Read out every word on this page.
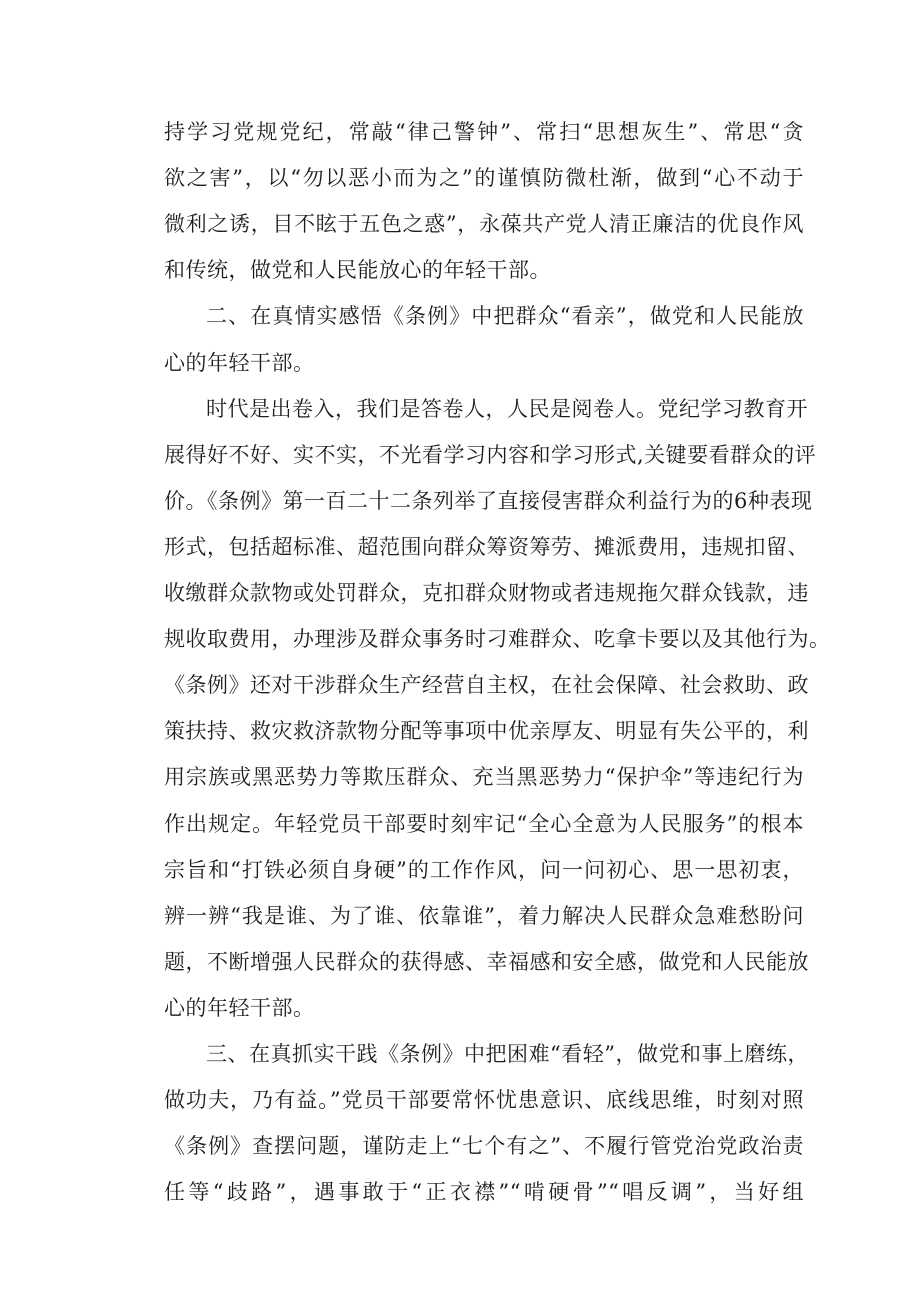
持学习党规党纪，常敲“律己警钟”、常扫“思想灰生”、常思“贪
欲之害”，以“勿以恶小而为之”的谨慎防微杜渐，做到“心不动于
微利之诱，目不眩于五色之惑”，永葆共产党人清正廉洁的优良作风
和传统，做党和人民能放心的年轻干部。
二、在真情实感悟《条例》中把群众“看亲”，做党和人民能放
心的年轻干部。
时代是出卷入，我们是答卷人，人民是阅卷人。党纪学习教育开
展得好不好、实不实，不光看学习内容和学习形式,关键要看群众的评
价。《条例》第一百二十二条列举了直接侵害群众利益行为的6种表现
形式，包括超标准、超范围向群众筹资筹劳、摊派费用，违规扣留、
收缴群众款物或处罚群众，克扣群众财物或者违规拖欠群众钱款，违
规收取费用，办理涉及群众事务时刁难群众、吃拿卡要以及其他行为。
《条例》还对干涉群众生产经营自主权，在社会保障、社会救助、政
策扶持、救灾救济款物分配等事项中优亲厚友、明显有失公平的，利
用宗族或黑恶势力等欺压群众、充当黑恶势力“保护伞”等违纪行为
作出规定。年轻党员干部要时刻牢记“全心全意为人民服务”的根本
宗旨和“打铁必须自身硬”的工作作风，问一问初心、思一思初衷，
辨一辨“我是谁、为了谁、依靠谁”，着力解决人民群众急难愁盼问
题，不断增强人民群众的获得感、幸福感和安全感，做党和人民能放
心的年轻干部。
三、在真抓实干践《条例》中把困难“看轻”，做党和事上磨练，
做功夫，乃有益。”党员干部要常怀忧患意识、底线思维，时刻对照
《条例》查摆问题，谨防走上“七个有之”、不履行管党治党政治责
任等“歧路”，遇事敢于“正衣襟”“啃硬骨”“唱反调”，当好组
